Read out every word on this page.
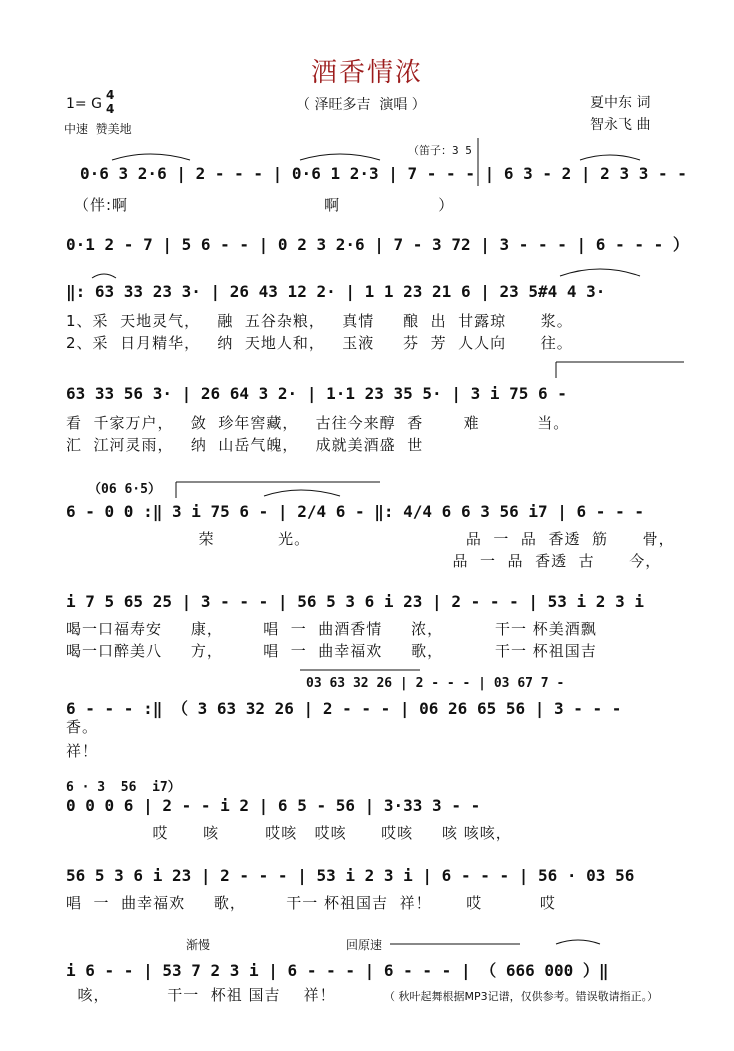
酒香情浓
1= G
4
4	（ 泽旺多吉  演唱 ）
中速  赞美地
夏中东 词
智永飞 曲
（笛子：3 5
0·6 3 2·6 | 2 - - - | 0·6 1 2·3 | 7 - - - | 6 3 - 2 | 2 3 3 - -
（伴:啊                                  啊                 ）
0·1 2 - 7 | 5 6 - - | 0 2 3 2·6 | 7 - 3 72 | 3 - - - | 6 - - - ）
‖: 63 33 23 3· | 26 43 12 2· | 1 1 23 21 6 | 23 5#4 4 3·
1、采  天地灵气，   融  五谷杂粮，   真情     酿  出  甘露琼      浆。
2、采  日月精华，   纳  天地人和，   玉液     芬  芳  人人向      往。
63 33 56 3· | 26 64 3 2· | 1·1 23 35 5· | 3 i 75 6 -
看  千家万户，   敛  珍年窖藏，   古往今来醇  香       难          当。
汇  江河灵雨，   纳  山岳气魄，   成就美酒盛  世
（06 6·5）
6 - 0 0 :‖ 3 i 75 6 - | 2/4 6 - ‖: 4/4 6 6 3 56 i7 | 6 - - -
荣           光。                           品  一  品  香透  筋      骨，
品  一  品  香透  古      今，
i 7 5 65 25 | 3 - - - | 56 5 3 6 i 23 | 2 - - - | 53 i 2 3 i
喝一口福寿安     康，       唱  一  曲酒香情     浓，         干一 杯美酒飘
喝一口醉美八     方，       唱  一  曲幸福欢     歌，         干一 杯祖国吉
03 63 32 26 | 2 - - - | 03 67 7 -
6 - - - :‖ （ 3 63 32 26 | 2 - - - | 06 26 65 56 | 3 - - -
香。
祥！
6 · 3  56  i7）
0 0 0 6 | 2 - - i 2 | 6 5 - 56 | 3·33 3 - -
哎      咳        哎咳   哎咳      哎咳     咳 咳咳，
56 5 3 6 i 23 | 2 - - - | 53 i 2 3 i | 6 - - - | 56 · 03 56
唱  一  曲幸福欢     歌，       干一 杯祖国吉  祥！      哎          哎
渐慢	回原速
i 6 - - | 53 7 2 3 i | 6 - - - | 6 - - - | （ 666 000 ）‖
咳，          干一  杯祖 国吉    祥！	（ 秋叶起舞根据MP3记谱，仅供参考。错误敬请指正。）
